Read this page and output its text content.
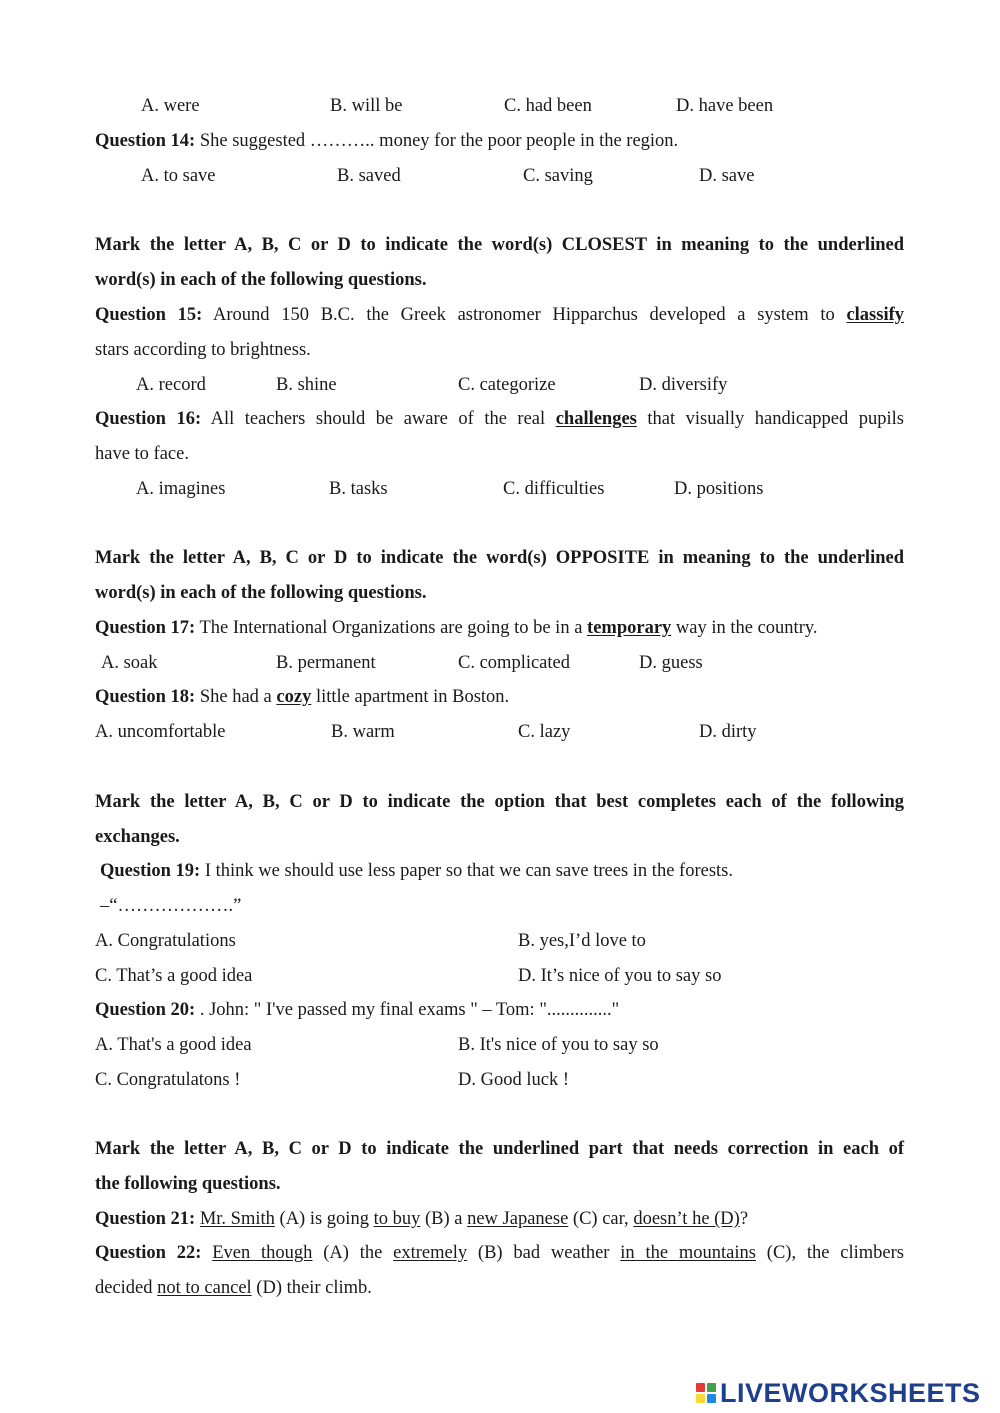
A. were	B. will be	C. had been	D. have been
Question 14: She suggested ……….. money for the poor people in the region.
A. to save	B. saved	C. saving	D. save
Mark the letter A, B, C or D to indicate the word(s) CLOSEST in meaning to the underlined
word(s) in each of the following questions.
Question 15: Around 150 B.C. the Greek astronomer Hipparchus developed a system to classify
stars according to brightness.
A. record	B. shine	C. categorize	D. diversify
Question 16: All teachers should be aware of the real challenges that visually handicapped pupils
have to face.
A. imagines	B. tasks	C. difficulties	D. positions
Mark the letter A, B, C or D to indicate the word(s) OPPOSITE in meaning to the underlined
word(s) in each of the following questions.
Question 17: The International Organizations are going to be in a temporary way in the country.
A. soak	B. permanent	C. complicated	D. guess
Question 18: She had a cozy little apartment in Boston.
A. uncomfortable	B. warm	C. lazy	D. dirty
Mark the letter A, B, C or D to indicate the option that best completes each of the following
exchanges.
Question 19: I think we should use less paper so that we can save trees in the forests.
–“……………….”
A. Congratulations	B. yes,I’d love to
C. That’s a good idea	D. It’s nice of you to say so
Question 20: . John: " I've passed my final exams " – Tom: ".............."
A. That's a good idea	B. It's nice of you to say so
C. Congratulatons !	D. Good luck !
Mark the letter A, B, C or D to indicate the underlined part that needs correction in each of
the following questions.
Question 21: Mr. Smith (A) is going to buy (B) a new Japanese (C) car, doesn’t he (D)?
Question 22: Even though (A) the extremely (B) bad weather in the mountains (C), the climbers
decided not to cancel (D) their climb.
LIVEWORKSHEETS
